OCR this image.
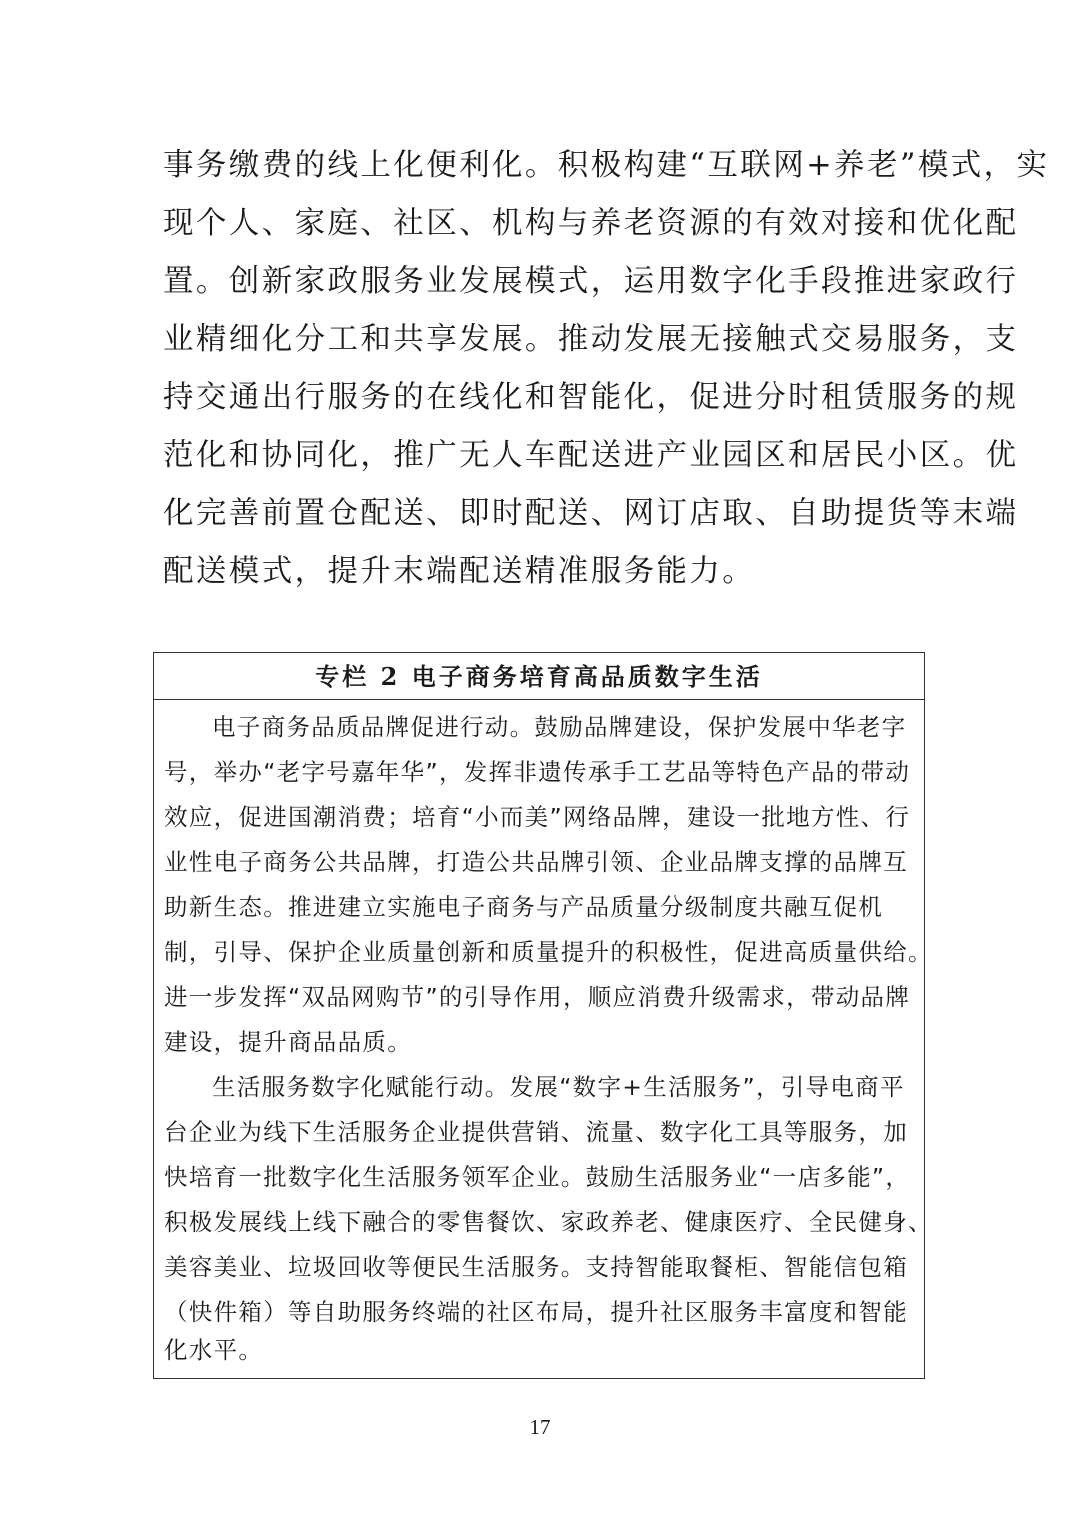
事务缴费的线上化便利化。积极构建“互联网+养老”模式，实
现个人、家庭、社区、机构与养老资源的有效对接和优化配
置。创新家政服务业发展模式，运用数字化手段推进家政行
业精细化分工和共享发展。推动发展无接触式交易服务，支
持交通出行服务的在线化和智能化，促进分时租赁服务的规
范化和协同化，推广无人车配送进产业园区和居民小区。优
化完善前置仓配送、即时配送、网订店取、自助提货等末端
配送模式，提升末端配送精准服务能力。
专栏 2 电子商务培育高品质数字生活
电子商务品质品牌促进行动。鼓励品牌建设，保护发展中华老字
号，举办“老字号嘉年华”，发挥非遗传承手工艺品等特色产品的带动
效应，促进国潮消费；培育“小而美”网络品牌，建设一批地方性、行
业性电子商务公共品牌，打造公共品牌引领、企业品牌支撑的品牌互
助新生态。推进建立实施电子商务与产品质量分级制度共融互促机
制，引导、保护企业质量创新和质量提升的积极性，促进高质量供给。
进一步发挥“双品网购节”的引导作用，顺应消费升级需求，带动品牌
建设，提升商品品质。
生活服务数字化赋能行动。发展“数字+生活服务”，引导电商平
台企业为线下生活服务企业提供营销、流量、数字化工具等服务，加
快培育一批数字化生活服务领军企业。鼓励生活服务业“一店多能”，
积极发展线上线下融合的零售餐饮、家政养老、健康医疗、全民健身、
美容美业、垃圾回收等便民生活服务。支持智能取餐柜、智能信包箱
（快件箱）等自助服务终端的社区布局，提升社区服务丰富度和智能
化水平。
17
